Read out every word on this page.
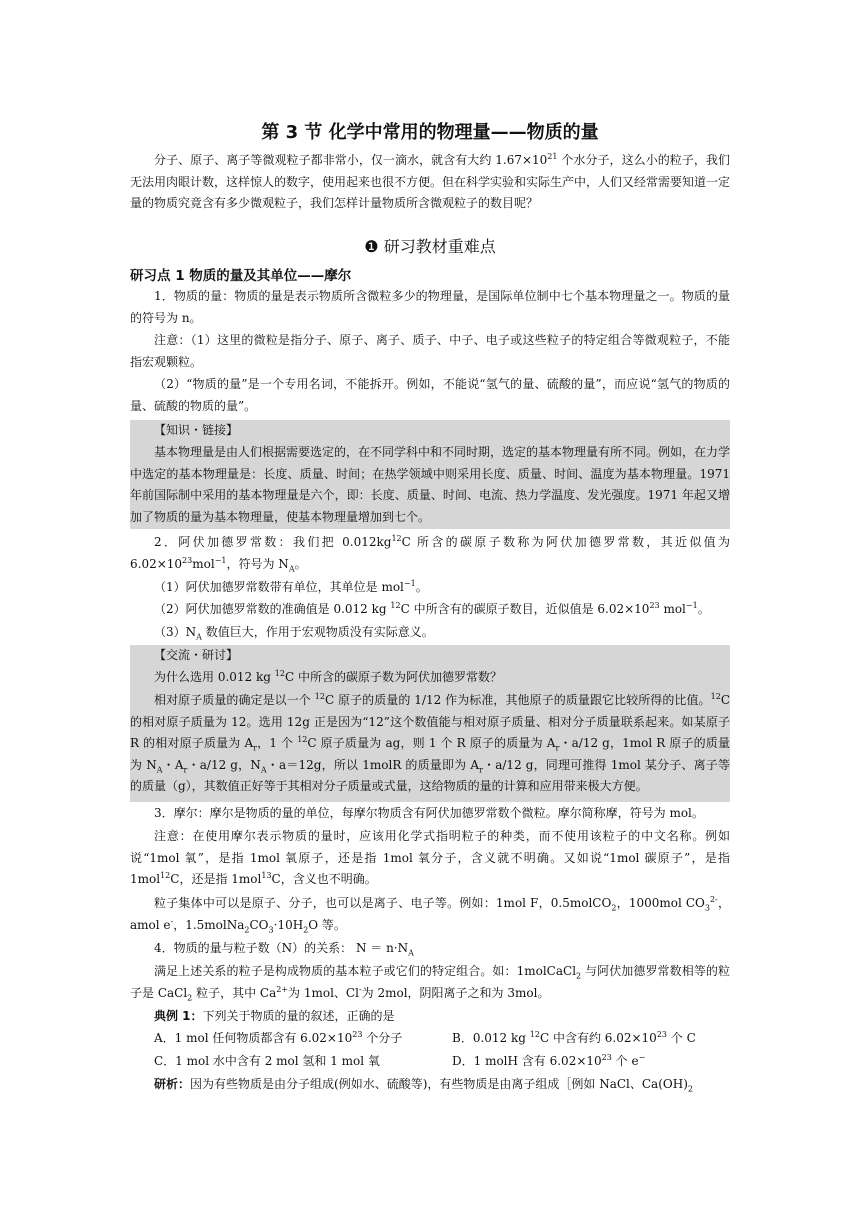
第 3 节 化学中常用的物理量——物质的量

分子、原子、离子等微观粒子都非常小，仅一滴水，就含有大约 $1.67\times 10^{21}$ 个水分子，这么小的粒子，我们无法用肉眼计数，这样惊人的数字，使用起来也很不方便。但在科学实验和实际生产中，人们又经常需要知道一定量的物质究竟含有多少微观粒子，我们怎样计量物质所含微观粒子的数目呢？

❶ 研习教材重难点
研习点 1 物质的量及其单位——摩尔

1．物质的量：物质的量是表示物质所含微粒多少的物理量，是国际单位制中七个基本物理量之一。物质的量的符号为 n。

注意：（1）这里的微粒是指分子、原子、离子、质子、中子、电子或这些粒子的特定组合等微观粒子，不能指宏观颗粒。

（2）“物质的量”是一个专用名词，不能拆开。例如，不能说“氢气的量、硫酸的量”，而应说“氢气的物质的量、硫酸的物质的量”。

【知识・链接】

基本物理量是由人们根据需要选定的，在不同学科中和不同时期，选定的基本物理量有所不同。例如，在力学中选定的基本物理量是：长度、质量、时间；在热学领域中则采用长度、质量、时间、温度为基本物理量。1971 年前国际制中采用的基本物理量是六个，即：长度、质量、时间、电流、热力学温度、发光强度。1971 年起又增加了物质的量为基本物理量，使基本物理量增加到七个。

2．阿伏加德罗常数：我们把 $0.012kg^{12}C$ 所含的碳原子数称为阿伏加德罗常数，其近似值为 $6.02\times 10^{23}mol^{-1}$，符号为 $N_A$。

（1）阿伏加德罗常数带有单位，其单位是 mol$^{-1}$。

（2）阿伏加德罗常数的准确值是 0.012 kg $^{12}$C 中所含有的碳原子数目，近似值是 $6.02\times 10^{23}$ mol$^{-1}$。

$(3)N_A$ 数值巨大，作用于宏观物质没有实际意义。

【交流・研讨】

为什么选用 0.012 kg $^{12}$C 中所含的碳原子数为阿伏加德罗常数？

相对原子质量的确定是以一个 $^{12}$C 原子的质量的 1/12 作为标准，其他原子的质量跟它比较所得的比值。$^{12}$C 的相对原子质量为 12。选用 12g 正是因为“12”这个数值能与相对原子质量、相对分子质量联系起来。如某原子 R 的相对原子质量为 $A_r$，1 个 $^{12}$C 原子质量为 ag，则 1 个 R 原子的质量为 $A_r$・a/12 g，1mol R 原子的质量为 $N_A$・$A_r$・a/12 g，$N_A$・a＝12g，所以 1molR 的质量即为 $A_r$・a/12 g，同理可推得 1mol 某分子、离子等的质量（g），其数值正好等于其相对分子质量或式量，这给物质的量的计算和应用带来极大方便。

3．摩尔：摩尔是物质的量的单位，每摩尔物质含有阿伏加德罗常数个微粒。摩尔简称摩，符号为 mol。

注意：在使用摩尔表示物质的量时，应该用化学式指明粒子的种类，而不使用该粒子的中文名称。例如说“1mol 氧”，是指 1mol 氧原子，还是指 1mol 氧分子，含义就不明确。又如说“1mol 碳原子”，是指 1mol$^{12}$C，还是指 1mol$^{13}$C，含义也不明确。

粒子集体中可以是原子、分子，也可以是离子、电子等。例如：1mol F，0.5molCO$_2$，1000mol $CO_3^{2-}$，amol e-，$1.5molNa_2CO_3\cdot 10H_2O$ 等。

4．物质的量与粒子数（N）的关系： $N = n\cdot N_A$

满足上述关系的粒子是构成物质的基本粒子或它们的特定组合。如：1molCaCl$_2$ 与阿伏加德罗常数相等的粒子是 CaCl$_2$ 粒子，其中 $Ca^{2+}$为 1mol、Cl-为 2mol，阴阳离子之和为 3mol。

典例 1：下列关于物质的量的叙述，正确的是

A．1 mol 任何物质都含有 $6.02\times 10^{23}$ 个分子	B．0.012 kg $^{12}$C 中含有约 $6.02\times 10^{23}$ 个 C

C．1 mol 水中含有 2 mol 氢和 1 mol 氧	D．1 molH 含有 $6.02\times 10^{23}$ 个 e−

研析：因为有些物质是由分子组成(例如水、硫酸等)，有些物质是由离子组成［例如 NaCl、$Ca(OH)_2$
